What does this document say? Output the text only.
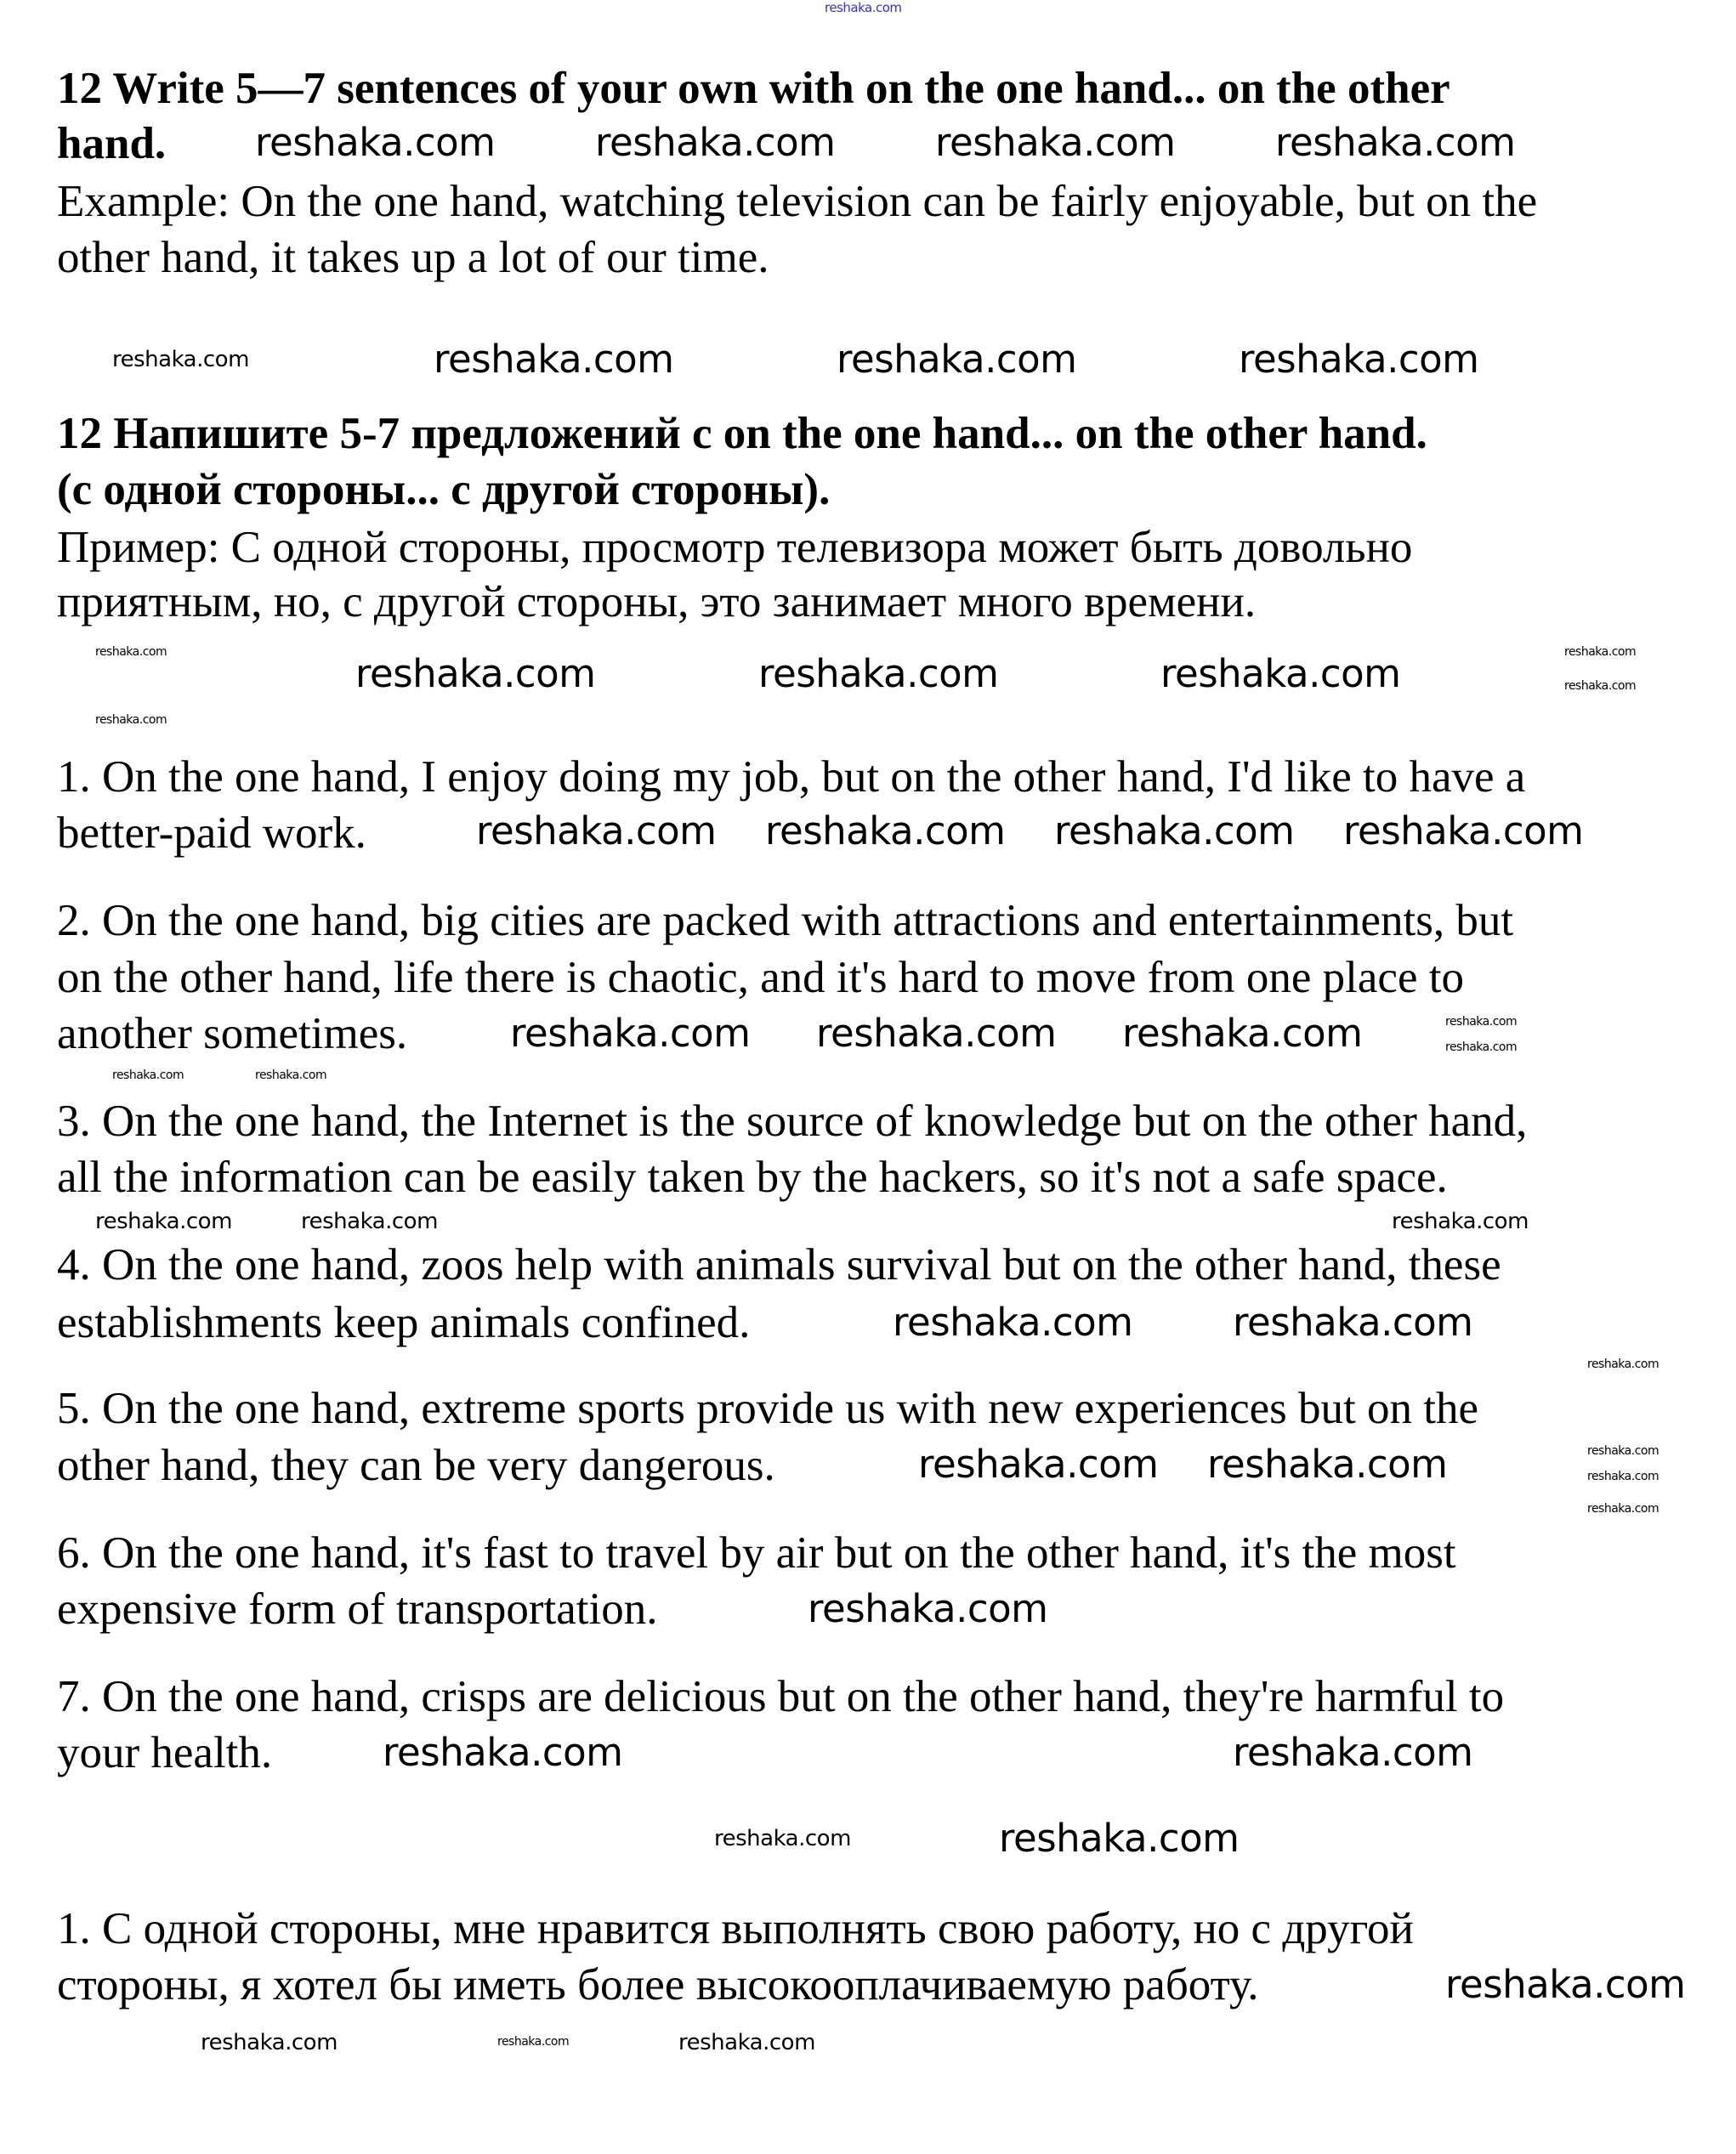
12 Write 5—7 sentences of your own with on the one hand... on the other
hand.
Example: On the one hand, watching television can be fairly enjoyable, but on the
other hand, it takes up a lot of our time.
12 Напишите 5-7 предложений с on the one hand... on the other hand.
(с одной стороны... с другой стороны).
Пример: С одной стороны, просмотр телевизора может быть довольно
приятным, но, с другой стороны, это занимает много времени.
1. On the one hand, I enjoy doing my job, but on the other hand, I'd like to have a
better-paid work.
2. On the one hand, big cities are packed with attractions and entertainments, but
on the other hand, life there is chaotic, and it's hard to move from one place to
another sometimes.
3. On the one hand, the Internet is the source of knowledge but on the other hand,
all the information can be easily taken by the hackers, so it's not a safe space.
4. On the one hand, zoos help with animals survival but on the other hand, these
establishments keep animals confined.
5. On the one hand, extreme sports provide us with new experiences but on the
other hand, they can be very dangerous.
6. On the one hand, it's fast to travel by air but on the other hand, it's the most
expensive form of transportation.
7. On the one hand, crisps are delicious but on the other hand, they're harmful to
your health.
1. С одной стороны, мне нравится выполнять свою работу, но с другой
стороны, я хотел бы иметь более высокооплачиваемую работу.
reshaka.com
reshaka.com	reshaka.com	reshaka.com	reshaka.com
reshaka.com	reshaka.com	reshaka.com	reshaka.com
reshaka.com
reshaka.com
reshaka.com	reshaka.com	reshaka.com	reshaka.com
reshaka.com
reshaka.com reshaka.com reshaka.com reshaka.com
reshaka.com reshaka.com reshaka.com	reshaka.com
reshaka.com
reshaka.com	reshaka.com
reshaka.com	reshaka.com	reshaka.com
reshaka.com	reshaka.com
reshaka.com
reshaka.com reshaka.com	reshaka.com
reshaka.com
reshaka.com
reshaka.com
reshaka.com	reshaka.com
reshaka.com	reshaka.com
reshaka.com
reshaka.com	reshaka.com	reshaka.com
